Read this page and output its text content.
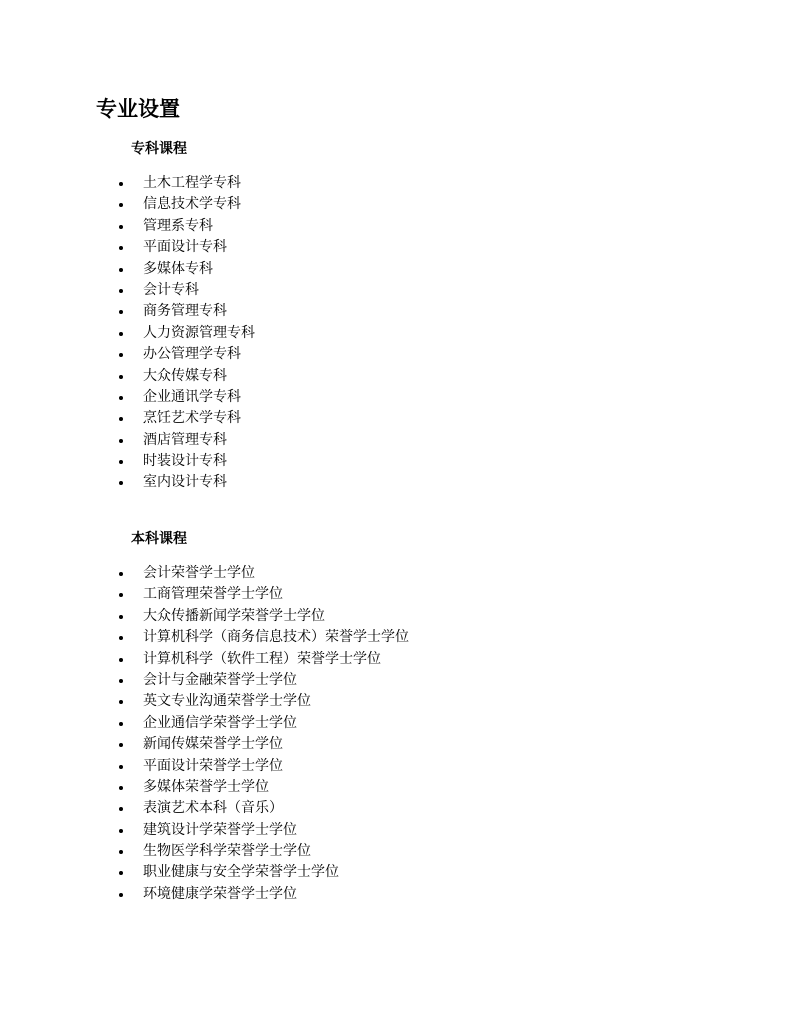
专业设置
专科课程
土木工程学专科
信息技术学专科
管理系专科
平面设计专科
多媒体专科
会计专科
商务管理专科
人力资源管理专科
办公管理学专科
大众传媒专科
企业通讯学专科
烹饪艺术学专科
酒店管理专科
时装设计专科
室内设计专科
本科课程
会计荣誉学士学位
工商管理荣誉学士学位
大众传播新闻学荣誉学士学位
计算机科学（商务信息技术）荣誉学士学位
计算机科学（软件工程）荣誉学士学位
会计与金融荣誉学士学位
英文专业沟通荣誉学士学位
企业通信学荣誉学士学位
新闻传媒荣誉学士学位
平面设计荣誉学士学位
多媒体荣誉学士学位
表演艺术本科（音乐）
建筑设计学荣誉学士学位
生物医学科学荣誉学士学位
职业健康与安全学荣誉学士学位
环境健康学荣誉学士学位
